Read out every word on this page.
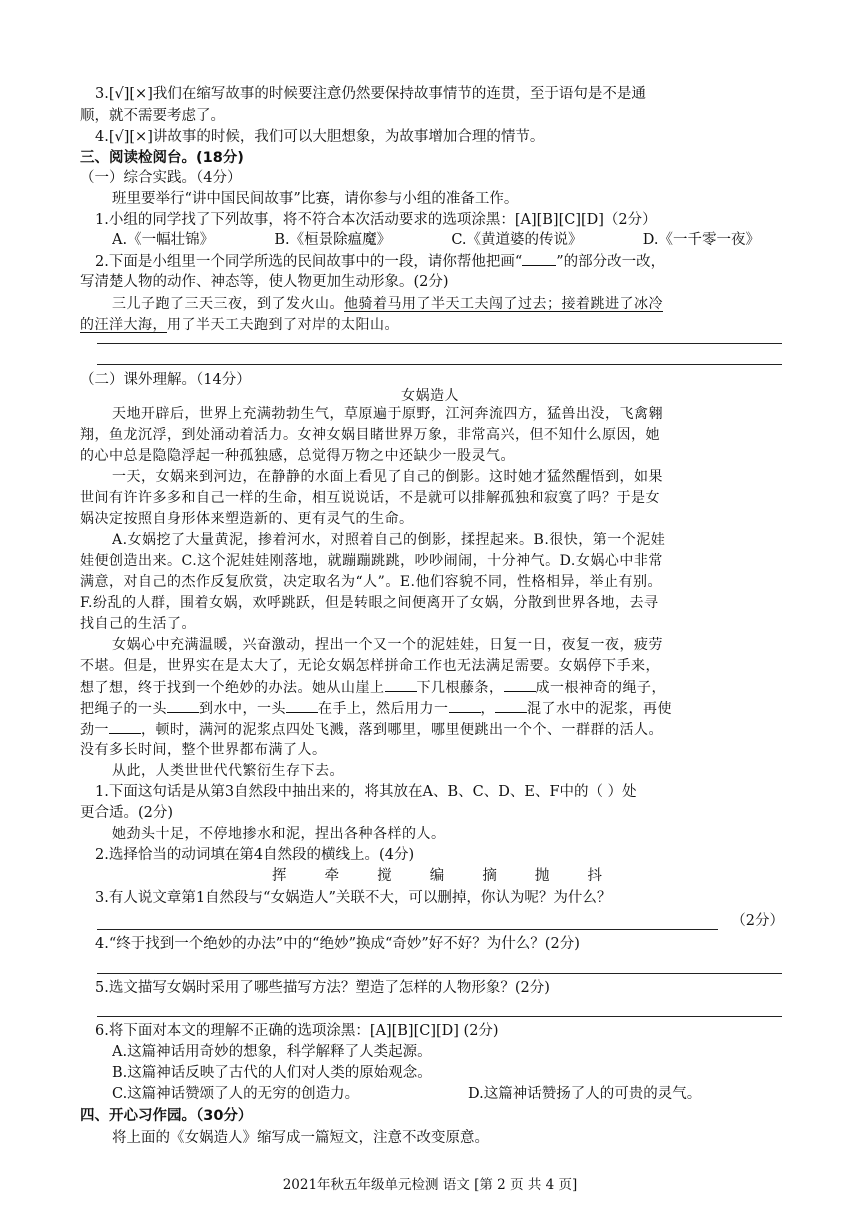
3.[√][×]我们在缩写故事的时候要注意仍然要保持故事情节的连贯，至于语句是不是通
顺，就不需要考虑了。
4.[√][×]讲故事的时候，我们可以大胆想象，为故事增加合理的情节。
三、阅读检阅台。(18分)
（一）综合实践。（4分）
班里要举行“讲中国民间故事”比赛，请你参与小组的准备工作。
1.小组的同学找了下列故事，将不符合本次活动要求的选项涂黑：[A][B][C][D]（2分）
A.《一幅壮锦》	B.《桓景除瘟魔》	C.《黄道婆的传说》	D.《一千零一夜》
2.下面是小组里一个同学所选的民间故事中的一段，请你帮他把画“ ”的部分改一改，
写清楚人物的动作、神态等，使人物更加生动形象。(2分)
三儿子跑了三天三夜，到了发火山。他骑着马用了半天工夫闯了过去；接着跳进了冰冷
的汪洋大海，用了半天工夫跑到了对岸的太阳山。
（二）课外理解。（14分）
女娲造人
天地开辟后，世界上充满勃勃生气，草原遍于原野，江河奔流四方，猛兽出没，飞禽翱
翔，鱼龙沉浮，到处涌动着活力。女神女娲目睹世界万象，非常高兴，但不知什么原因，她
的心中总是隐隐浮起一种孤独感，总觉得万物之中还缺少一股灵气。
一天，女娲来到河边，在静静的水面上看见了自己的倒影。这时她才猛然醒悟到，如果
世间有许许多多和自己一样的生命，相互说说话，不是就可以排解孤独和寂寞了吗？于是女
娲决定按照自身形体来塑造新的、更有灵气的生命。
A.女娲挖了大量黄泥，掺着河水，对照着自己的倒影，揉捏起来。B.很快，第一个泥娃
娃便创造出来。C.这个泥娃娃刚落地，就蹦蹦跳跳，吵吵闹闹，十分神气。D.女娲心中非常
满意，对自己的杰作反复欣赏，决定取名为“人”。E.他们容貌不同，性格相异，举止有别。
F.纷乱的人群，围着女娲，欢呼跳跃，但是转眼之间便离开了女娲，分散到世界各地，去寻
找自己的生活了。
女娲心中充满温暖，兴奋激动，捏出一个又一个的泥娃娃，日复一日，夜复一夜，疲劳
不堪。但是，世界实在是太大了，无论女娲怎样拼命工作也无法满足需要。女娲停下手来，
想了想，终于找到一个绝妙的办法。她从山崖上 下几根藤条， 成一根神奇的绳子，
把绳子的一头 到水中，一头 在手上，然后用力一 ， 混了水中的泥浆，再使
劲一 ，顿时，满河的泥浆点四处飞溅，落到哪里，哪里便跳出一个个、一群群的活人。
没有多长时间，整个世界都布满了人。
从此，人类世世代代繁衍生存下去。
1.下面这句话是从第3自然段中抽出来的，将其放在A、B、C、D、E、F中的（ ）处
更合适。(2分)
她劲头十足，不停地掺水和泥，捏出各种各样的人。
2.选择恰当的动词填在第4自然段的横线上。(4分)
挥	牵	搅	编	摘	抛	抖
3.有人说文章第1自然段与“女娲造人”关联不大，可以删掉，你认为呢？为什么？
（2分）
4.“终于找到一个绝妙的办法”中的“绝妙”换成“奇妙”好不好？为什么？(2分)
5.选文描写女娲时采用了哪些描写方法？塑造了怎样的人物形象？(2分)
6.将下面对本文的理解不正确的选项涂黑：[A][B][C][D] (2分)
A.这篇神话用奇妙的想象，科学解释了人类起源。
B.这篇神话反映了古代的人们对人类的原始观念。
C.这篇神话赞颂了人的无穷的创造力。	D.这篇神话赞扬了人的可贵的灵气。
四、开心习作园。（30分）
将上面的《女娲造人》缩写成一篇短文，注意不改变原意。
2021年秋五年级单元检测 语文 [第 2 页 共 4 页]
